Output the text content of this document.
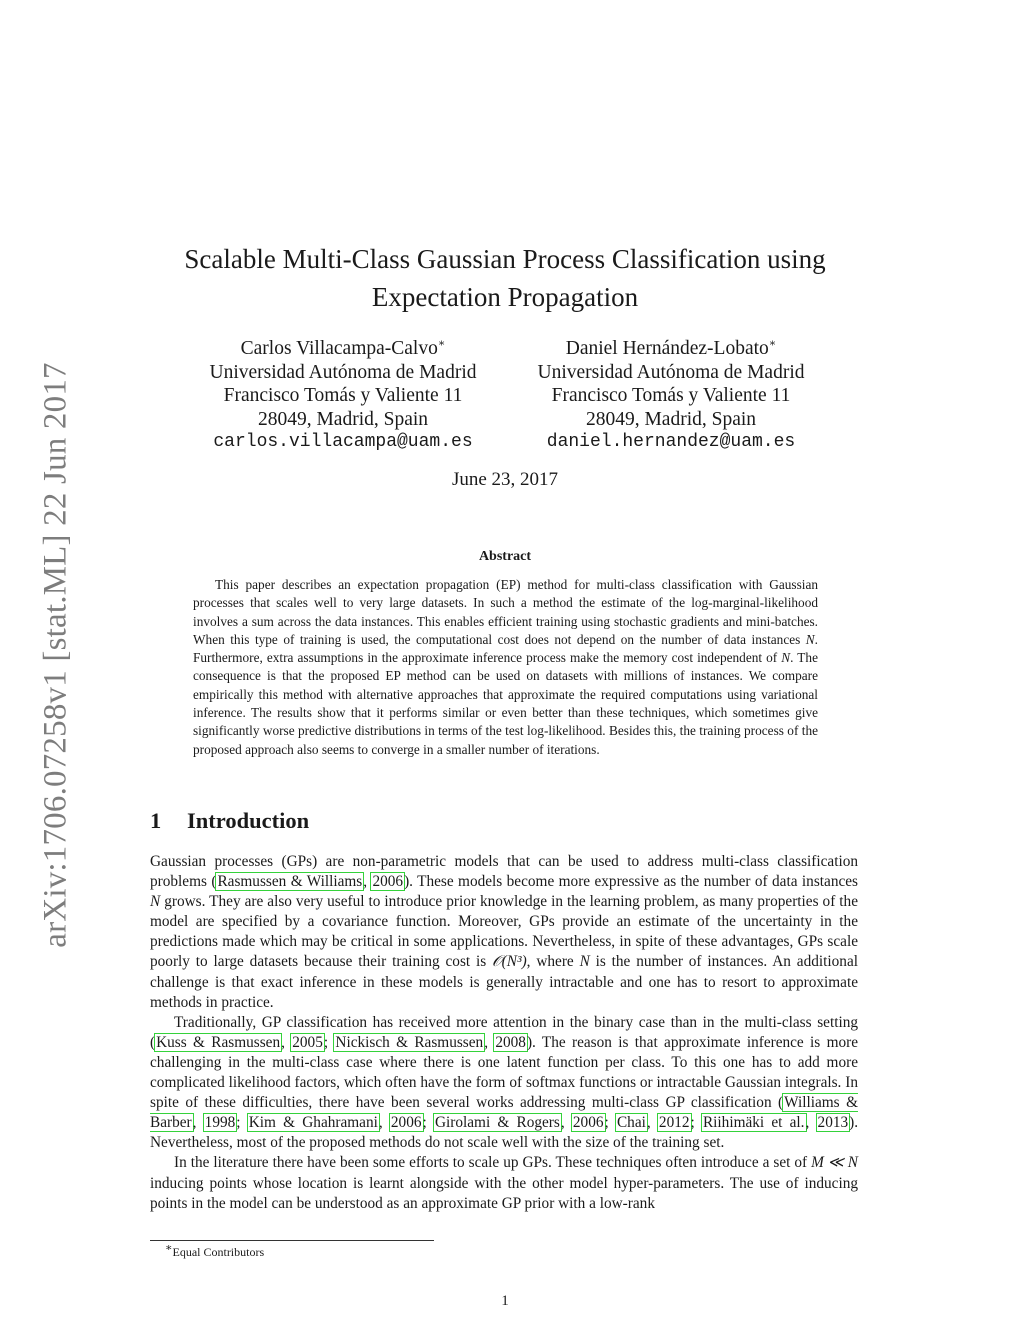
arXiv:1706.07258v1 [stat.ML] 22 Jun 2017
Scalable Multi-Class Gaussian Process Classification using
Expectation Propagation
Carlos Villacampa-Calvo∗
Universidad Autónoma de Madrid
Francisco Tomás y Valiente 11
28049, Madrid, Spain
carlos.villacampa@uam.es
Daniel Hernández-Lobato∗
Universidad Autónoma de Madrid
Francisco Tomás y Valiente 11
28049, Madrid, Spain
daniel.hernandez@uam.es
June 23, 2017
Abstract
This paper describes an expectation propagation (EP) method for multi-class classification with Gaussian processes that scales well to very large datasets. In such a method the estimate of the log-marginal-likelihood involves a sum across the data instances. This enables efficient training using stochastic gradients and mini-batches. When this type of training is used, the computational cost does not depend on the number of data instances N. Furthermore, extra assumptions in the approximate inference process make the memory cost independent of N. The consequence is that the proposed EP method can be used on datasets with millions of instances. We compare empirically this method with alternative approaches that approximate the required computations using variational inference. The results show that it performs similar or even better than these techniques, which sometimes give significantly worse predictive distributions in terms of the test log-likelihood. Besides this, the training process of the proposed approach also seems to converge in a smaller number of iterations.
1 Introduction

Gaussian processes (GPs) are non-parametric models that can be used to address multi-class classification problems (Rasmussen & Williams, 2006). These models become more expressive as the number of data instances N grows. They are also very useful to introduce prior knowledge in the learning problem, as many properties of the model are specified by a covariance function. Moreover, GPs provide an estimate of the uncertainty in the predictions made which may be critical in some applications. Nevertheless, in spite of these advantages, GPs scale poorly to large datasets because their training cost is 𝒪(N³), where N is the number of instances. An additional challenge is that exact inference in these models is generally intractable and one has to resort to approximate methods in practice.

Traditionally, GP classification has received more attention in the binary case than in the multi-class setting (Kuss & Rasmussen, 2005; Nickisch & Rasmussen, 2008). The reason is that approximate inference is more challenging in the multi-class case where there is one latent function per class. To this one has to add more complicated likelihood factors, which often have the form of softmax functions or intractable Gaussian integrals. In spite of these difficulties, there have been several works addressing multi-class GP classification (Williams & Barber, 1998; Kim & Ghahramani, 2006; Girolami & Rogers, 2006; Chai, 2012; Riihimäki et al., 2013). Nevertheless, most of the proposed methods do not scale well with the size of the training set.

In the literature there have been some efforts to scale up GPs. These techniques often introduce a set of M ≪ N inducing points whose location is learnt alongside with the other model hyper-parameters. The use of inducing points in the model can be understood as an approximate GP prior with a low-rank

∗Equal Contributors
1
